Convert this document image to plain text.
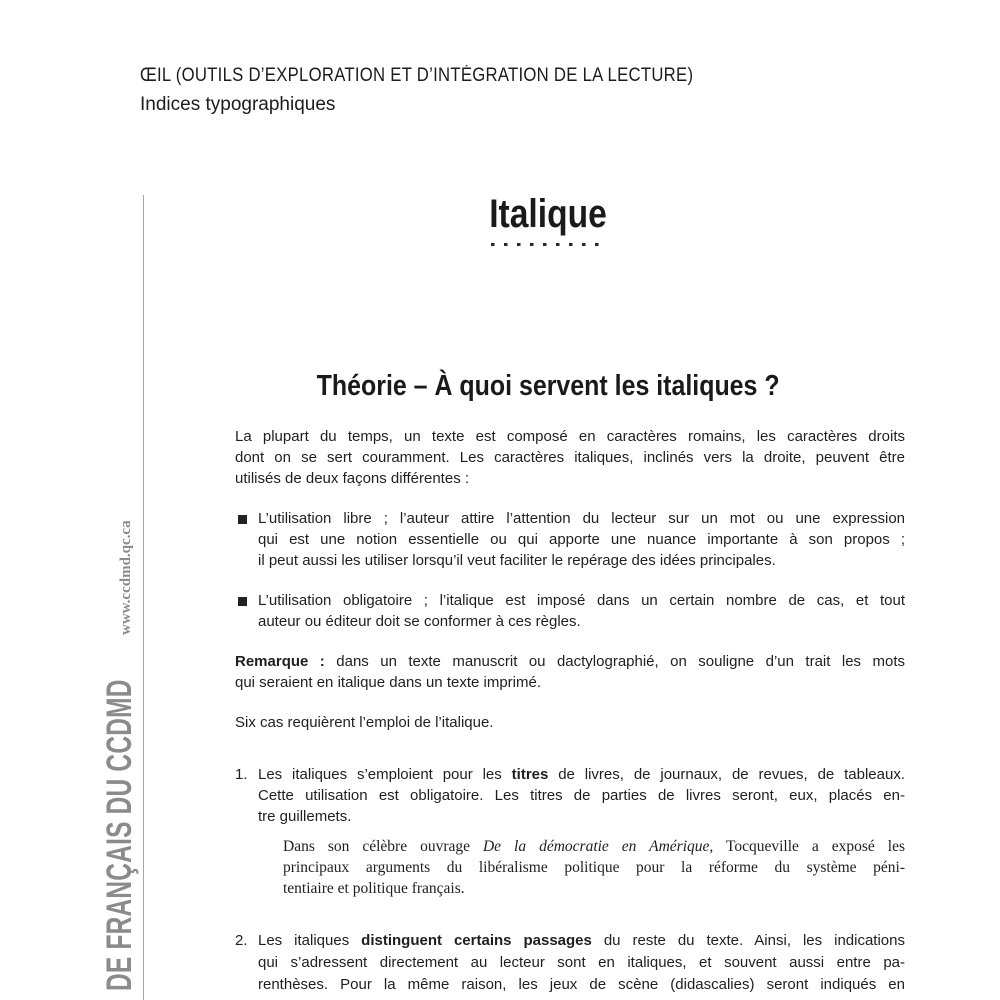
ŒIL (OUTILS D’EXPLORATION ET D’INTÉGRATION DE LA LECTURE)
Indices typographiques
www.ccdmd.qc.ca
DE FRANÇAIS DU CCDMD
Italique
Théorie – À quoi servent les italiques ?
La plupart du temps, un texte est composé en caractères romains, les caractères droits
dont on se sert couramment. Les caractères italiques, inclinés vers la droite, peuvent être
utilisés de deux façons différentes :
L’utilisation libre ; l’auteur attire l’attention du lecteur sur un mot ou une expression
qui est une notion essentielle ou qui apporte une nuance importante à son propos ;
il peut aussi les utiliser lorsqu’il veut faciliter le repérage des idées principales.
L’utilisation obligatoire ; l’italique est imposé dans un certain nombre de cas, et tout
auteur ou éditeur doit se conformer à ces règles.
Remarque : dans un texte manuscrit ou dactylographié, on souligne d’un trait les mots
qui seraient en italique dans un texte imprimé.
Six cas requièrent l’emploi de l’italique.
1. Les italiques s’emploient pour les titres de livres, de journaux, de revues, de tableaux.
Cette utilisation est obligatoire. Les titres de parties de livres seront, eux, placés en-
tre guillemets.
Dans son célèbre ouvrage De la démocratie en Amérique, Tocqueville a exposé les
principaux arguments du libéralisme politique pour la réforme du système péni-
tentiaire et politique français.
2. Les italiques distinguent certains passages du reste du texte. Ainsi, les indications
qui s’adressent directement au lecteur sont en italiques, et souvent aussi entre pa-
renthèses. Pour la même raison, les jeux de scène (didascalies) seront indiqués en
